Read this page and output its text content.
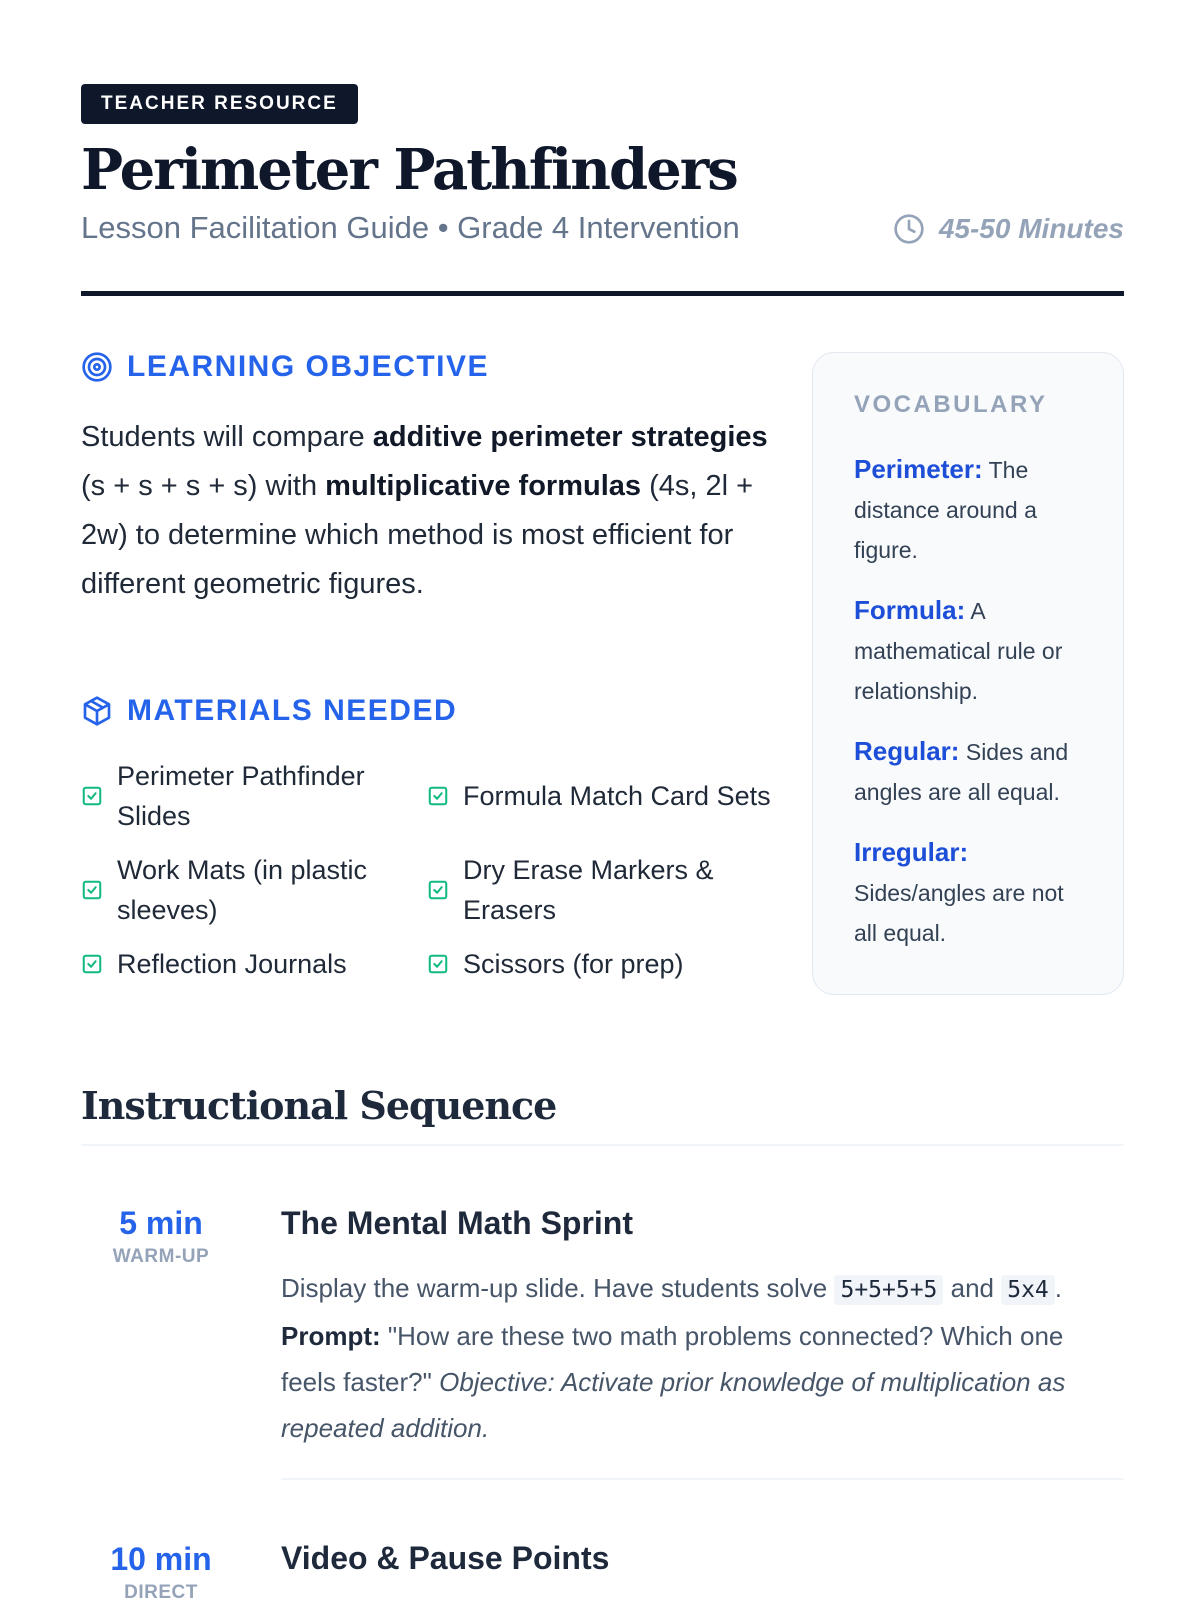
TEACHER RESOURCE
Perimeter Pathfinders
Lesson Facilitation Guide • Grade 4 Intervention	45-50 Minutes
LEARNING OBJECTIVE

Students will compare additive perimeter strategies (s + s + s + s) with multiplicative formulas (4s, 2l + 2w) to determine which method is most efficient for different geometric figures.

MATERIALS NEEDED
Perimeter Pathfinder Slides
Formula Match Card Sets
Work Mats (in plastic sleeves)
Dry Erase Markers & Erasers
Reflection Journals	Scissors (for prep)
VOCABULARY
Perimeter: The distance around a figure.
Formula: A mathematical rule or relationship.
Regular: Sides and angles are all equal.
Irregular: Sides/angles are not all equal.
Instructional Sequence
5 min
WARM-UP
The Mental Math Sprint

Display the warm-up slide. Have students solve 5+5+5+5 and 5x4 . Prompt: "How are these two math problems connected? Which one feels faster?" Objective: Activate prior knowledge of multiplication as repeated addition.

10 min
DIRECT
Video & Pause Points
